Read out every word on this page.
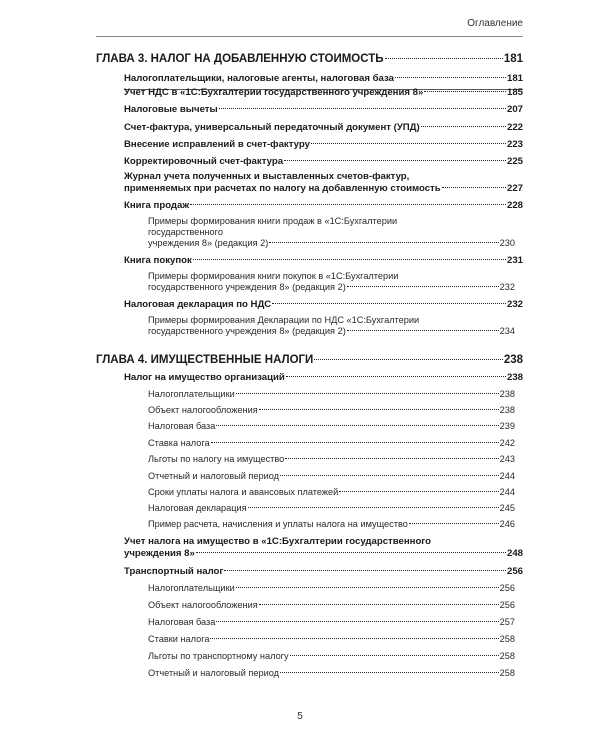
Оглавление
ГЛАВА 3. НАЛОГ НА ДОБАВЛЕННУЮ СТОИМОСТЬ	181
Налогоплательщики, налоговые агенты, налоговая база	181
Учет НДС в «1С:Бухгалтерии государственного учреждения 8»	185
Налоговые вычеты	207
Счет-фактура, универсальный передаточный документ (УПД)	222
Внесение исправлений в счет-фактуру	223
Корректировочный счет-фактура	225
Журнал учета полученных и выставленных счетов-фактур,
применяемых при расчетах по налогу на добавленную стоимость	227
Книга продаж	228
Примеры формирования книги продаж в «1С:Бухгалтерии
государственного
учреждения 8» (редакция 2)	230
Книга покупок	231
Примеры формирования книги покупок в «1С:Бухгалтерии
государственного учреждения 8» (редакция 2)	232
Налоговая декларация по НДС	232
Примеры формирования Декларации по НДС «1С:Бухгалтерии
государственного учреждения 8» (редакция 2)	234
ГЛАВА 4. ИМУЩЕСТВЕННЫЕ НАЛОГИ	238
Налог на имущество организаций	238
Налогоплательщики	238
Объект налогообложения	238
Налоговая база	239
Ставка налога	242
Льготы по налогу на имущество	243
Отчетный и налоговый период	244
Сроки уплаты налога и авансовых платежей	244
Налоговая декларация	245
Пример расчета, начисления и уплаты налога на имущество	246
Учет налога на имущество в «1С:Бухгалтерии государственного
учреждения 8»	248
Транспортный налог	256
Налогоплательщики	256
Объект налогообложения	256
Налоговая база	257
Ставки налога	258
Льготы по транспортному налогу	258
Отчетный и налоговый период	258
5
